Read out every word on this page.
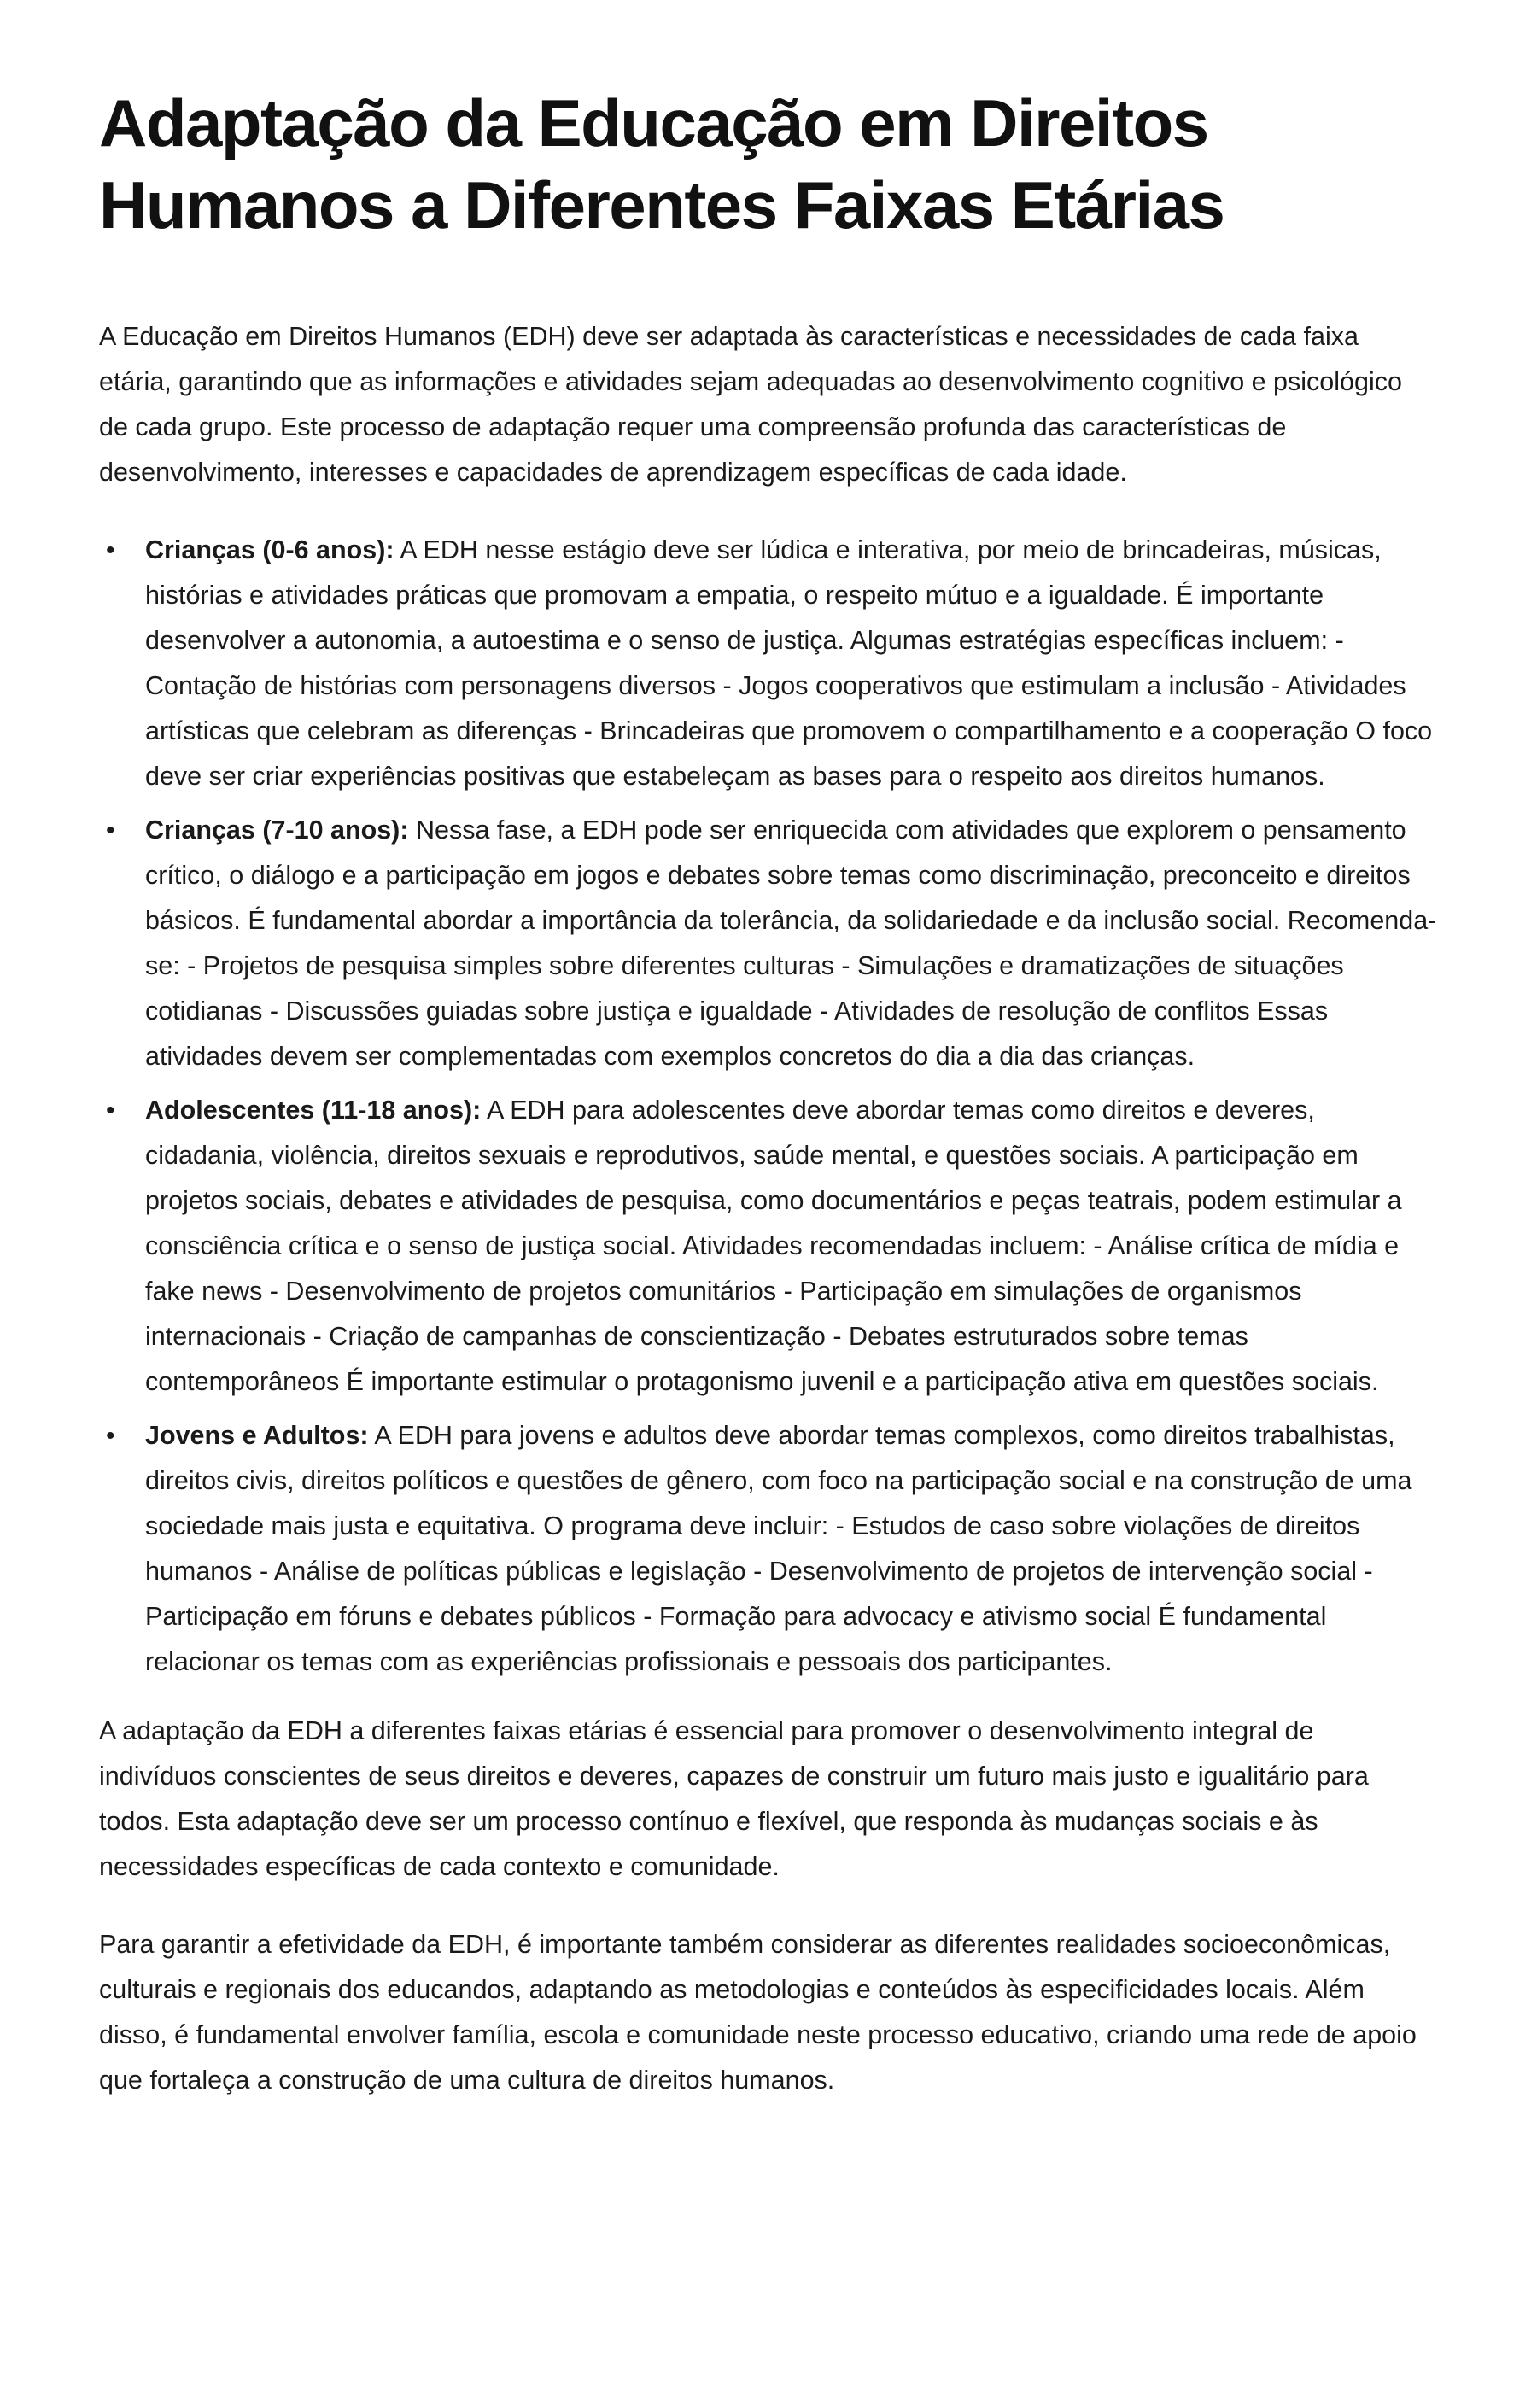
Adaptação da Educação em Direitos Humanos a Diferentes Faixas Etárias

A Educação em Direitos Humanos (EDH) deve ser adaptada às características e necessidades de cada faixa etária, garantindo que as informações e atividades sejam adequadas ao desenvolvimento cognitivo e psicológico de cada grupo. Este processo de adaptação requer uma compreensão profunda das características de desenvolvimento, interesses e capacidades de aprendizagem específicas de cada idade.

• Crianças (0-6 anos): A EDH nesse estágio deve ser lúdica e interativa, por meio de brincadeiras, músicas, histórias e atividades práticas que promovam a empatia, o respeito mútuo e a igualdade. É importante desenvolver a autonomia, a autoestima e o senso de justiça. Algumas estratégias específicas incluem: - Contação de histórias com personagens diversos - Jogos cooperativos que estimulam a inclusão - Atividades artísticas que celebram as diferenças - Brincadeiras que promovem o compartilhamento e a cooperação O foco deve ser criar experiências positivas que estabeleçam as bases para o respeito aos direitos humanos.
• Crianças (7-10 anos): Nessa fase, a EDH pode ser enriquecida com atividades que explorem o pensamento crítico, o diálogo e a participação em jogos e debates sobre temas como discriminação, preconceito e direitos básicos. É fundamental abordar a importância da tolerância, da solidariedade e da inclusão social. Recomenda-se: - Projetos de pesquisa simples sobre diferentes culturas - Simulações e dramatizações de situações cotidianas - Discussões guiadas sobre justiça e igualdade - Atividades de resolução de conflitos Essas atividades devem ser complementadas com exemplos concretos do dia a dia das crianças.
• Adolescentes (11-18 anos): A EDH para adolescentes deve abordar temas como direitos e deveres, cidadania, violência, direitos sexuais e reprodutivos, saúde mental, e questões sociais. A participação em projetos sociais, debates e atividades de pesquisa, como documentários e peças teatrais, podem estimular a consciência crítica e o senso de justiça social. Atividades recomendadas incluem: - Análise crítica de mídia e fake news - Desenvolvimento de projetos comunitários - Participação em simulações de organismos internacionais - Criação de campanhas de conscientização - Debates estruturados sobre temas contemporâneos É importante estimular o protagonismo juvenil e a participação ativa em questões sociais.
• Jovens e Adultos: A EDH para jovens e adultos deve abordar temas complexos, como direitos trabalhistas, direitos civis, direitos políticos e questões de gênero, com foco na participação social e na construção de uma sociedade mais justa e equitativa. O programa deve incluir: - Estudos de caso sobre violações de direitos humanos - Análise de políticas públicas e legislação - Desenvolvimento de projetos de intervenção social - Participação em fóruns e debates públicos - Formação para advocacy e ativismo social É fundamental relacionar os temas com as experiências profissionais e pessoais dos participantes.

A adaptação da EDH a diferentes faixas etárias é essencial para promover o desenvolvimento integral de indivíduos conscientes de seus direitos e deveres, capazes de construir um futuro mais justo e igualitário para todos. Esta adaptação deve ser um processo contínuo e flexível, que responda às mudanças sociais e às necessidades específicas de cada contexto e comunidade.

Para garantir a efetividade da EDH, é importante também considerar as diferentes realidades socioeconômicas, culturais e regionais dos educandos, adaptando as metodologias e conteúdos às especificidades locais. Além disso, é fundamental envolver família, escola e comunidade neste processo educativo, criando uma rede de apoio que fortaleça a construção de uma cultura de direitos humanos.
